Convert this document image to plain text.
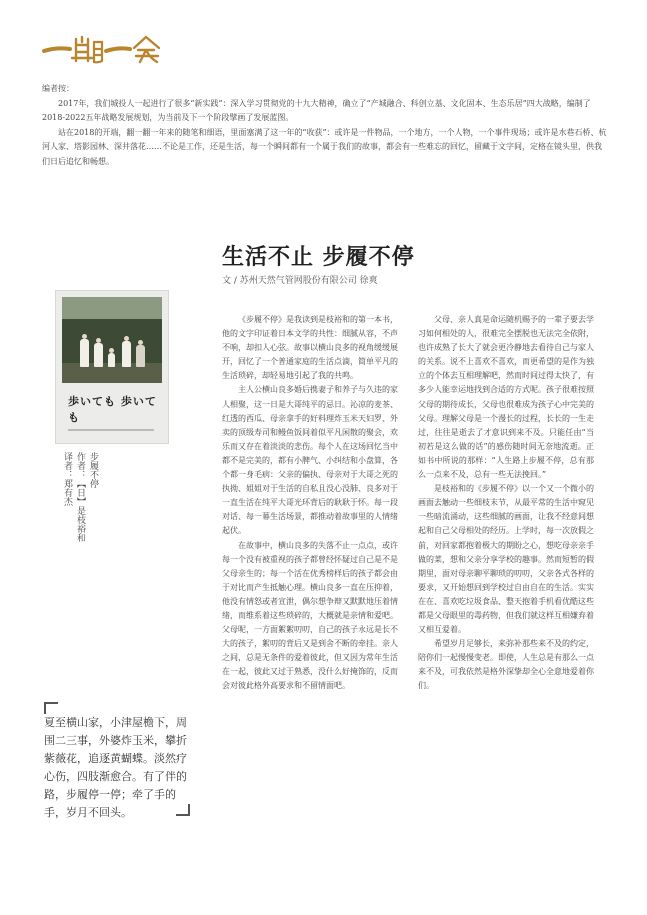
编者按：

2017年，我们城投人一起进行了很多“新实践”：深入学习贯彻党的十九大精神，确立了“产城融合、科创立基、文化固本、生态乐居”四大战略，编制了2018-2022五年战略发展规划，为当前及下一个阶段擘画了发展蓝图。

站在2018的开端，翻一翻一年来的随笔和细语，里面塞满了这一年的“收获”：或许是一件物品，一个地方，一个人物，一个事件现场；或许是水巷石桥、杭河人家、塔影园林、深井落花……不论是工作，还是生活，每一个瞬间都有一个属于我们的故事，都会有一些难忘的回忆，留藏于文字间，定格在镜头里，供我们日后追忆和畅想。

生活不止 步履不停
文 / 苏州天然气管网股份有限公司 徐爽
歩いても 歩いても
步履不停
作者：【日】是枝裕和
译者：郑有杰
夏至横山家，小津屋檐下，周围二三事，外婆炸玉米，攀折紫薇花，追逐黄蝴蝶。淡然疗心伤，四肢渐愈合。有了伴的路，步履停一停；牵了手的手，岁月不回头。

《步履不停》是我读到是枝裕和的第一本书，他的文字印证着日本文学的共性：细腻从容，不声不响，却扣人心弦。故事以横山良多的视角缓缓展开，回忆了一个普通家庭的生活点滴，简单平凡的生活琐碎，却轻易地引起了我的共鸣。

主人公横山良多婚后携妻子和养子与久违的家人相聚，这一日是大哥纯平的忌日。沁凉的麦茶、红透的西瓜、母亲拿手的好料理炸玉米天妇罗、外卖的顶级寿司和鳗鱼饭间着似平凡闲散的聚会，欢乐而又存在着淡淡的悲伤。每个人在这场回忆当中都不是完美的，都有小脾气、小纠结和小盘算，各个都一身毛病：父亲的偏执、母亲对于大哥之死的执拗、姐姐对于生活的自私且没心没肺、良多对于一直生活在纯平大哥光环背后的耿耿于怀。每一段对话、每一幕生活场景，都推动着故事里的人情绪起伏。

在故事中，横山良多的失落不止一点点，或许每一个没有被重视的孩子都曾经怀疑过自己是不是父母亲生的；每一个活在优秀榜样后的孩子都会由于对比而产生抵触心理。横山良多一直在压抑着，他没有情怒或者宣泄，偶尔想争辩又默默地压着情绪，而维系着这些琐碎的，大概就是亲情和爱吧。父母呢，一方面絮絮叨叨，自己的孩子永远是长不大的孩子，絮叨的背后又是到舍不断的牵挂。亲人之间，总是无条件的爱着彼此，但又因为常年生活在一起，彼此又过于熟悉，没什么好掩饰的，反而会对彼此格外高要求和不留情面吧。

父母、亲人真是命运随机赐予的一辈子要去学习如何相处的人，很难完全摆脱也无法完全依附，也许成熟了长大了就会更冷静地去看待自己与家人的关系。说不上喜欢不喜欢，而更希望的是作为独立的个体去互相理解吧，然而时间过得太快了，有多少人能幸运地找到合适的方式呢。孩子很难按照父母的期待成长，父母也很难成为孩子心中完美的父母。理解父母是一个漫长的过程，长长的一生走过，往往是逝去了才意识到来不及。只能任由“当初若是这么做的话”的感伤随时间无奈地流逝。正如书中所说的那样：“人生路上步履不停，总有那么一点来不及，总有一些无法挽回。”

是枝裕和的《步履不停》以一个又一个微小的画面去触动一些细枝末节，从最平常的生活中窥见一些暗流涌动，这些细腻的画面，让我不经意间想起和自己父母相处的经历。上学时，每一次放假之前，对回家都抱着极大的期盼之心，想吃母亲亲手做的菜，想和父亲分享学校的趣事。然而短暂的假期里，面对母亲聊平聊琐的叨叨，父亲各式各样的要求，又开始想回到学校过自由自在的生活。实实在在、喜欢吃垃圾食品、整天抱着手机看优酷这些都是父母眼里的毒药物，但我们就这样互相嫌弃着又相互爱着。

希望岁月足够长，来弥补那些来不及的约定，陪你们一起慢慢变老。即使，人生总是有那么一点来不及，可我依然是格外深挚却全心全意地爱着你们。
